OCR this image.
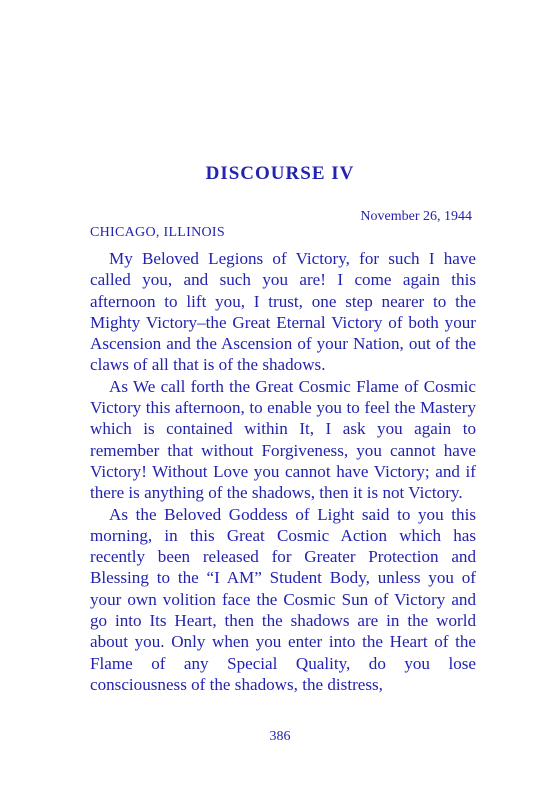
DISCOURSE IV
November 26, 1944
CHICAGO, ILLINOIS

My Beloved Legions of Victory, for such I have called you, and such you are! I come again this afternoon to lift you, I trust, one step nearer to the Mighty Victory–the Great Eternal Victory of both your Ascension and the Ascension of your Nation, out of the claws of all that is of the shadows.

As We call forth the Great Cosmic Flame of Cosmic Victory this afternoon, to enable you to feel the Mastery which is contained within It, I ask you again to remember that without Forgiveness, you cannot have Victory! Without Love you cannot have Victory; and if there is anything of the shadows, then it is not Victory.

As the Beloved Goddess of Light said to you this morning, in this Great Cosmic Action which has recently been released for Greater Protection and Blessing to the “I AM” Student Body, unless you of your own volition face the Cosmic Sun of Victory and go into Its Heart, then the shadows are in the world about you. Only when you enter into the Heart of the Flame of any Special Quality, do you lose consciousness of the shadows, the distress,

386
